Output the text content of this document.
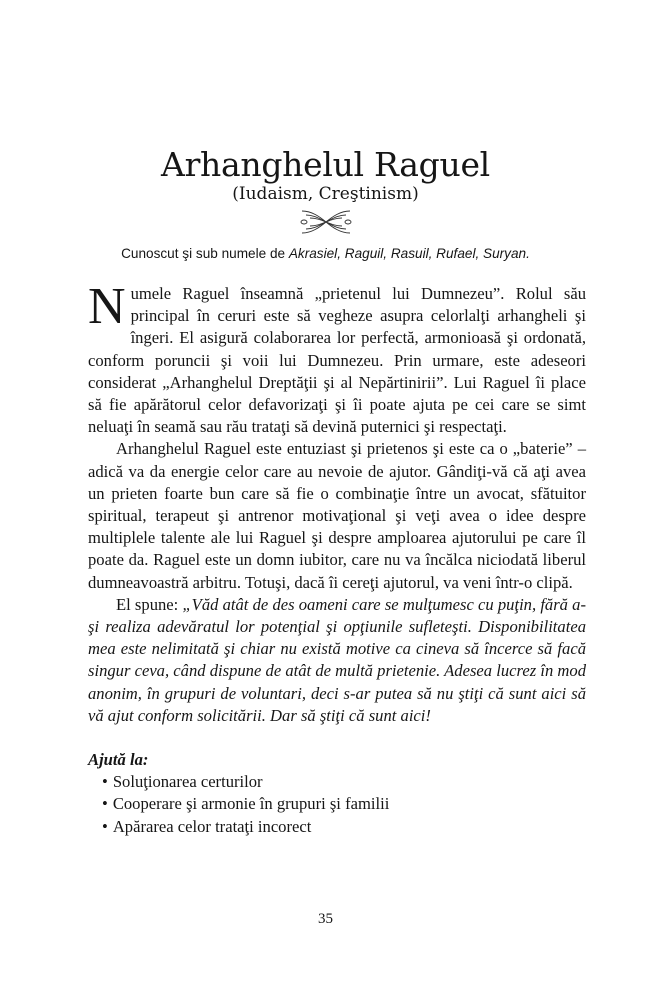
Arhanghelul Raguel
(Iudaism, Creştinism)
Cunoscut şi sub numele de Akrasiel, Raguil, Rasuil, Rufael, Suryan.

Numele Raguel înseamnă „prietenul lui Dumnezeu”. Rolul său principal în ceruri este să vegheze asupra celorlalţi arhangheli şi îngeri. El asigură colaborarea lor perfectă, armonioasă şi ordonată, conform poruncii şi voii lui Dumnezeu. Prin urmare, este adeseori considerat „Arhanghelul Dreptăţii şi al Nepărtinirii”. Lui Raguel îi place să fie apărătorul celor defavorizaţi şi îi poate ajuta pe cei care se simt neluaţi în seamă sau rău trataţi să devină puternici şi respectaţi.

Arhanghelul Raguel este entuziast şi prietenos şi este ca o „baterie” – adică va da energie celor care au nevoie de ajutor. Gândiţi-vă că aţi avea un prieten foarte bun care să fie o combinaţie între un avocat, sfătuitor spiritual, terapeut şi antrenor motivaţional şi veţi avea o idee despre multiplele talente ale lui Raguel şi despre amploarea ajutorului pe care îl poate da. Raguel este un domn iubitor, care nu va încălca niciodată liberul dumneavoastră arbitru. Totuşi, dacă îi cereţi ajutorul, va veni într-o clipă.

El spune: „Văd atât de des oameni care se mulţumesc cu puţin, fără a-şi realiza adevăratul lor potenţial şi opţiunile sufleteşti. Disponibilitatea mea este nelimitată şi chiar nu există motive ca cineva să încerce să facă singur ceva, când dispune de atât de multă prietenie. Adesea lucrez în mod anonim, în grupuri de voluntari, deci s-ar putea să nu ştiţi că sunt aici să vă ajut conform solicitării. Dar să ştiţi că sunt aici!

Ajută la:

• Soluţionarea certurilor
• Cooperare şi armonie în grupuri şi familii
• Apărarea celor trataţi incorect
35
